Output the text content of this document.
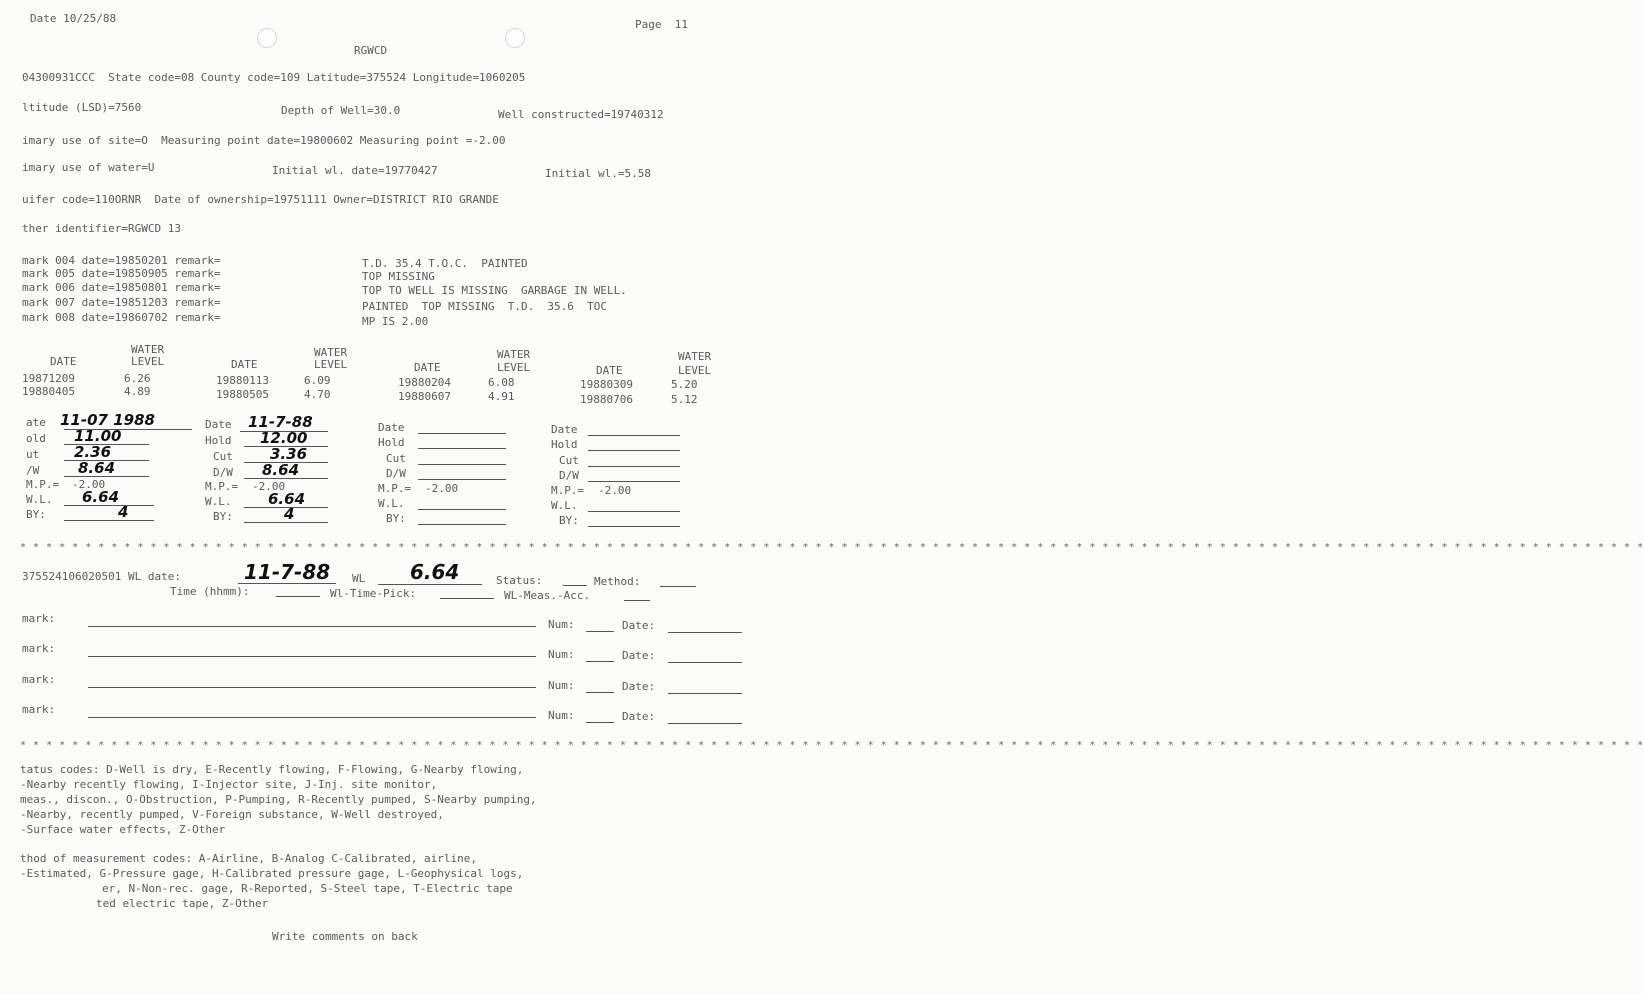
Date 10/25/88	Page  11
RGWCD
04300931CCC  State code=08 County code=109 Latitude=375524 Longitude=1060205
ltitude (LSD)=7560	Depth of Well=30.0	Well constructed=19740312
imary use of site=O  Measuring point date=19800602 Measuring point =-2.00
imary use of water=U	Initial wl. date=19770427	Initial wl.=5.58
uifer code=110ORNR  Date of ownership=19751111 Owner=DISTRICT RIO GRANDE
ther identifier=RGWCD 13
mark 004 date=19850201 remark=	T.D. 35.4 T.O.C.  PAINTED
mark 005 date=19850905 remark=	TOP MISSING
mark 006 date=19850801 remark=	TOP TO WELL IS MISSING  GARBAGE IN WELL.
mark 007 date=19851203 remark=	PAINTED  TOP MISSING  T.D.  35.6  TOC
mark 008 date=19860702 remark=	MP IS 2.00
WATER
DATE	LEVEL
WATER
DATE	LEVEL
WATER
DATE	LEVEL
WATER
DATE	LEVEL
19871209	6.26	19880113	6.09	19880204	6.08	19880309	5.20
19880405	4.89	19880505	4.70	19880607	4.91	19880706	5.12
ate 11-07 1988
old 11.00
ut 2.36
/W	8.64
M.P.= -2.00
W.L. 6.64
BY:	4
Date 11-7-88
Hold 12.00
Cut 3.36
D/W 8.64
M.P.= -2.00
W.L. 6.64
BY:	4
Date
Hold
Cut
D/W
M.P.= -2.00
W.L.
BY:
Date
Hold
Cut
D/W
M.P.= -2.00
W.L.
BY:
* * * * * * * * * * * * * * * * * * * * * * * * * * * * * * * * * * * * * * * * * * * * * * * * * * * * * * * * * * * * * * * * * * * * * * * * * * * * * * * * * * * * * * * * * * * * * * * * * * * * * * * * * * * * * * * * * * * * * * * * * * * * *
375524106020501 WL date:	11-7-88 WL 6.64	Status:	Method:
Time (hhmm):	Wl-Time-Pick:	WL-Meas.-Acc.
mark:	Num:	Date:
mark:	Num:	Date:
mark:	Num:	Date:
mark:	Num:	Date:
* * * * * * * * * * * * * * * * * * * * * * * * * * * * * * * * * * * * * * * * * * * * * * * * * * * * * * * * * * * * * * * * * * * * * * * * * * * * * * * * * * * * * * * * * * * * * * * * * * * * * * * * * * * * * * * * * * * * * * * * * * * * *
tatus codes: D-Well is dry, E-Recently flowing, F-Flowing, G-Nearby flowing,
-Nearby recently flowing, I-Injector site, J-Inj. site monitor,
meas., discon., O-Obstruction, P-Pumping, R-Recently pumped, S-Nearby pumping,
-Nearby, recently pumped, V-Foreign substance, W-Well destroyed,
-Surface water effects, Z-Other
thod of measurement codes: A-Airline, B-Analog C-Calibrated, airline,
-Estimated, G-Pressure gage, H-Calibrated pressure gage, L-Geophysical logs,
er, N-Non-rec. gage, R-Reported, S-Steel tape, T-Electric tape
ted electric tape, Z-Other
Write comments on back
